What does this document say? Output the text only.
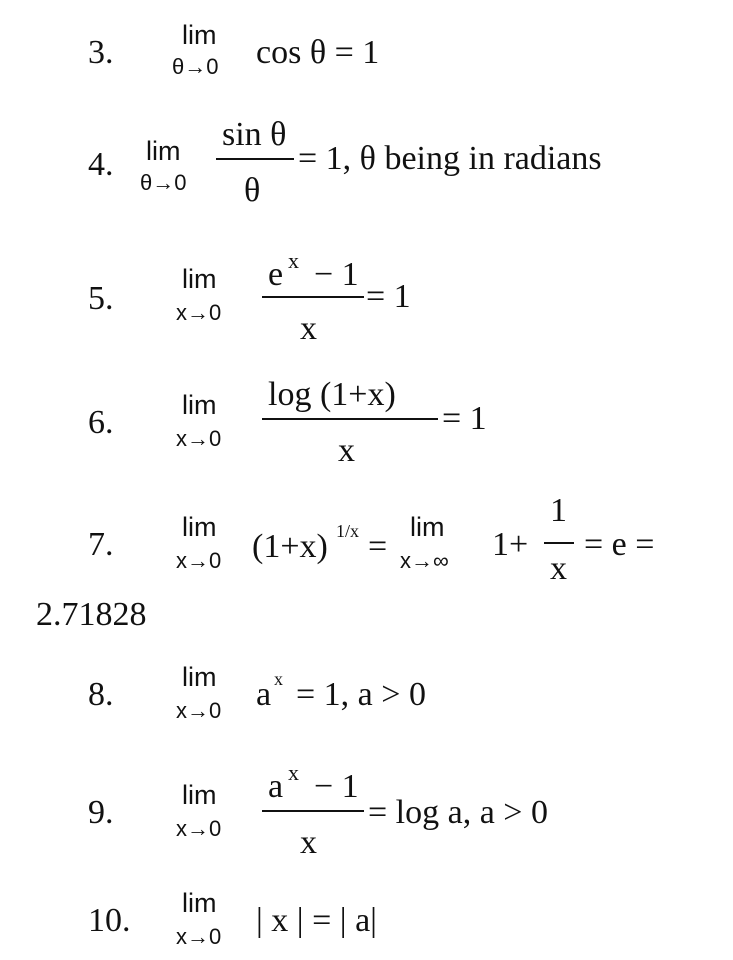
3.	lim
θ→0 cos θ = 1
4. lim
θ→0
sin θ
θ
= 1, θ being in radians
5.
lim
x→0
e x − 1
x
= 1
6.	lim
x→0
log (1+x)
x
= 1
7.	lim
x→0 (1+x) 1/x =
lim
x→∞ 1+
1
x
= e =
2.71828
8.	lim
x→0 a x = 1, a > 0
9.	lim
x→0
a x − 1
x
= log a, a > 0
10. lim
x→0 | x | = | a|
